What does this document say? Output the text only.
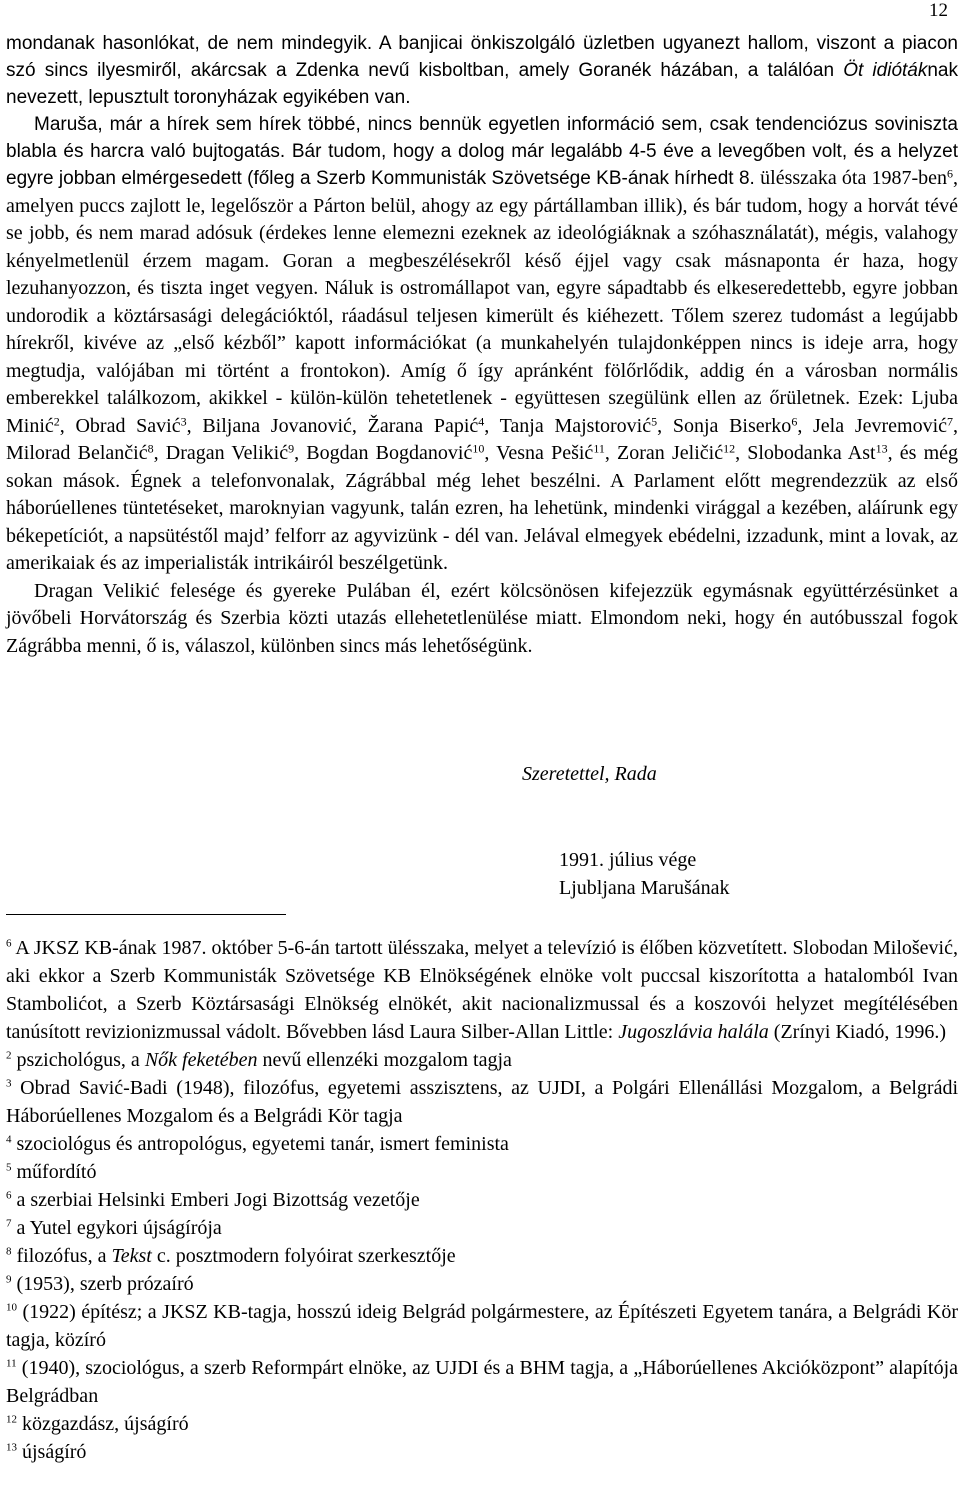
12
mondanak hasonlókat, de nem mindegyik. A banjicai önkiszolgáló üzletben ugyanezt hallom, viszont a piacon szó sincs ilyesmiről, akárcsak a Zdenka nevű kisboltban, amely Goranék házában, a találóan Öt idiótáknak nevezett, lepusztult toronyházak egyikében van.
Maruša, már a hírek sem hírek többé, nincs bennük egyetlen információ sem, csak tendenciózus soviniszta blabla és harcra való bujtogatás. Bár tudom, hogy a dolog már legalább 4-5 éve a levegőben volt, és a helyzet egyre jobban elmérgesedett (főleg a Szerb Kommunisták Szövetsége KB-ának hírhedt 8. ülésszaka óta 1987-ben$^6$, amelyen puccs zajlott le, legelőször a Párton belül, ahogy az egy pártállamban illik), és bár tudom, hogy a horvát tévé se jobb, és nem marad adósuk (érdekes lenne elemezni ezeknek az ideológiáknak a szóhasználatát), mégis, valahogy kényelmetlenül érzem magam. Goran a megbeszélésekről késő éjjel vagy csak másnaponta ér haza, hogy lezuhanyozzon, és tiszta inget vegyen. Náluk is ostromállapot van, egyre sápadtabb és elkeseredettebb, egyre jobban undorodik a köztársasági delegációktól, ráadásul teljesen kimerült és kiéhezett. Tőlem szerez tudomást a legújabb hírekről, kivéve az „első kézből” kapott információkat (a munkahelyén tulajdonképpen nincs is ideje arra, hogy megtudja, valójában mi történt a frontokon). Amíg ő így apránként fölőrlődik, addig én a városban normális emberekkel találkozom, akikkel - külön-külön tehetetlenek - együttesen szegülünk ellen az őrületnek. Ezek: Ljuba Minić$^2$, Obrad Savić$^3$, Biljana Jovanović, Žarana Papić$^4$, Tanja Majstorović$^5$, Sonja Biserko$^6$, Jela Jevremović$^7$, Milorad Belančić$^8$, Dragan Velikić$^9$, Bogdan Bogdanović$^{10}$, Vesna Pešić$^{11}$, Zoran Jeličić$^{12}$, Slobodanka Ast$^{13}$, és még sokan mások. Égnek a telefonvonalak, Zágrábbal még lehet beszélni. A Parlament előtt megrendezzük az első háborúellenes tüntetéseket, maroknyian vagyunk, talán ezren, ha lehetünk, mindenki virággal a kezében, aláírunk egy békepetíciót, a napsütéstől majd’ felforr az agyvizünk - dél van. Jelával elmegyek ebédelni, izzadunk, mint a lovak, az amerikaiak és az imperialisták intrikáiról beszélgetünk.
Dragan Velikić felesége és gyereke Pulában él, ezért kölcsönösen kifejezzük egymásnak együttérzésünket a jövőbeli Horvátország és Szerbia közti utazás ellehetetlenülése miatt. Elmondom neki, hogy én autóbusszal fogok Zágrábba menni, ő is, válaszol, különben sincs más lehetőségünk.
Szeretettel, Rada
1991. július vége
Ljubljana Marušának

$^6$ A JKSZ KB-ának 1987. október 5-6-án tartott ülésszaka, melyet a televízió is élőben közvetített. Slobodan Milošević, aki ekkor a Szerb Kommunisták Szövetsége KB Elnökségének elnöke volt puccsal kiszorította a hatalomból Ivan Stambolićot, a Szerb Köztársasági Elnökség elnökét, akit nacionalizmussal és a koszovói helyzet megítélésében tanúsított revizionizmussal vádolt. Bővebben lásd Laura Silber-Allan Little: Jugoszlávia halála (Zrínyi Kiadó, 1996.)

$^2$ pszichológus, a Nők feketében nevű ellenzéki mozgalom tagja

$^3$ Obrad Savić-Badi (1948), filozófus, egyetemi asszisztens, az UJDI, a Polgári Ellenállási Mozgalom, a Belgrádi Háborúellenes Mozgalom és a Belgrádi Kör tagja

$^4$ szociológus és antropológus, egyetemi tanár, ismert feminista

$^5$ műfordító

$^6$ a szerbiai Helsinki Emberi Jogi Bizottság vezetője

$^7$ a Yutel egykori újságírója

$^8$ filozófus, a Tekst c. posztmodern folyóirat szerkesztője

$^9$ (1953), szerb prózaíró

$^{10}$ (1922) építész; a JKSZ KB-tagja, hosszú ideig Belgrád polgármestere, az Építészeti Egyetem tanára, a Belgrádi Kör tagja, közíró

$^{11}$ (1940), szociológus, a szerb Reformpárt elnöke, az UJDI és a BHM tagja, a „Háborúellenes Akcióközpont” alapítója Belgrádban

$^{12}$ közgazdász, újságíró

$^{13}$ újságíró
